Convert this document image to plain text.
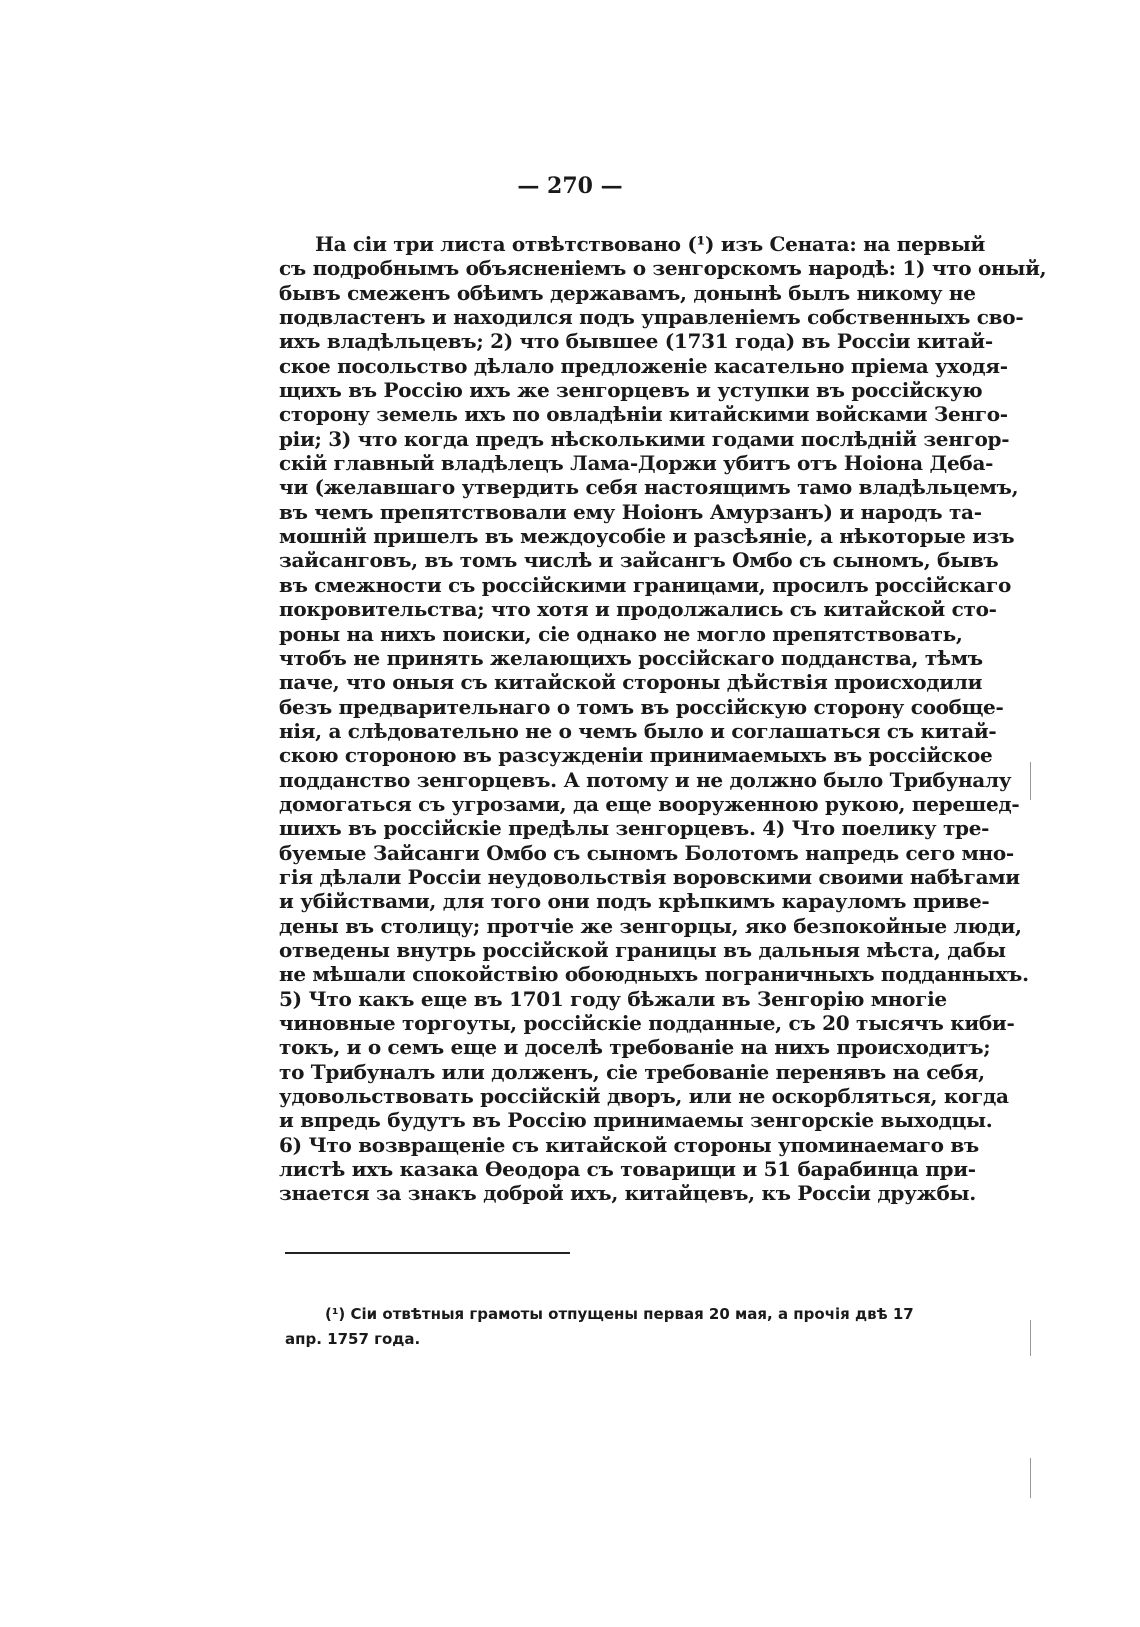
— 270 —
На сіи три листа отвѣтствовано (¹) изъ Сената: на первый
съ подробнымъ объясненіемъ о зенгорскомъ народѣ: 1) что оный,
бывъ смеженъ обѣимъ державамъ, донынѣ былъ никому не
подвластенъ и находился подъ управленіемъ собственныхъ сво-
ихъ владѣльцевъ; 2) что бывшее (1731 года) въ Россіи китай-
ское посольство дѣлало предложеніе касательно пріема уходя-
щихъ въ Россію ихъ же зенгорцевъ и уступки въ россійскую
сторону земель ихъ по овладѣніи китайскими войсками Зенго-
ріи; 3) что когда предъ нѣсколькими годами послѣдній зенгор-
скій главный владѣлецъ Лама-Доржи убитъ отъ Ноіона Деба-
чи (желавшаго утвердить себя настоящимъ тамо владѣльцемъ,
въ чемъ препятствовали ему Ноіонъ Амурзанъ) и народъ та-
мошній пришелъ въ междоусобіе и разсѣяніе, а нѣкоторые изъ
зайсанговъ, въ томъ числѣ и зайсангъ Омбо съ сыномъ, бывъ
въ смежности съ россійскими границами, просилъ россійскаго
покровительства; что хотя и продолжались съ китайской сто-
роны на нихъ поиски, сіе однако не могло препятствовать,
чтобъ не принять желающихъ россійскаго подданства, тѣмъ
паче, что оныя съ китайской стороны дѣйствія происходили
безъ предварительнаго о томъ въ россійскую сторону сообще-
нія, а слѣдовательно не о чемъ было и соглашаться съ китай-
скою стороною въ разсужденіи принимаемыхъ въ россійское
подданство зенгорцевъ. А потому и не должно было Трибуналу
домогаться съ угрозами, да еще вооруженною рукою, перешед-
шихъ въ россійскіе предѣлы зенгорцевъ. 4) Что поелику тре-
буемые Зайсанги Омбо съ сыномъ Болотомъ напредь сего мно-
гія дѣлали Россіи неудовольствія воровскими своими набѣгами
и убійствами, для того они подъ крѣпкимъ карауломъ приве-
дены въ столицу; протчіе же зенгорцы, яко безпокойные люди,
отведены внутрь россійской границы въ дальныя мѣста, дабы
не мѣшали спокойствію обоюдныхъ пограничныхъ подданныхъ.
5) Что какъ еще въ 1701 году бѣжали въ Зенгорію многіе
чиновные торгоуты, россійскіе подданные, съ 20 тысячъ киби-
токъ, и о семъ еще и доселѣ требованіе на нихъ происходитъ;
то Трибуналъ или долженъ, сіе требованіе перенявъ на себя,
удовольствовать россійскій дворъ, или не оскорбляться, когда
и впредь будутъ въ Россію принимаемы зенгорскіе выходцы.
6) Что возвращеніе съ китайской стороны упоминаемаго въ
листѣ ихъ казака Өеодора съ товарищи и 51 барабинца при-
знается за знакъ доброй ихъ, китайцевъ, къ Россіи дружбы.
(¹) Сіи отвѣтныя грамоты отпущены первая 20 мая, а прочія двѣ 17
апр. 1757 года.
